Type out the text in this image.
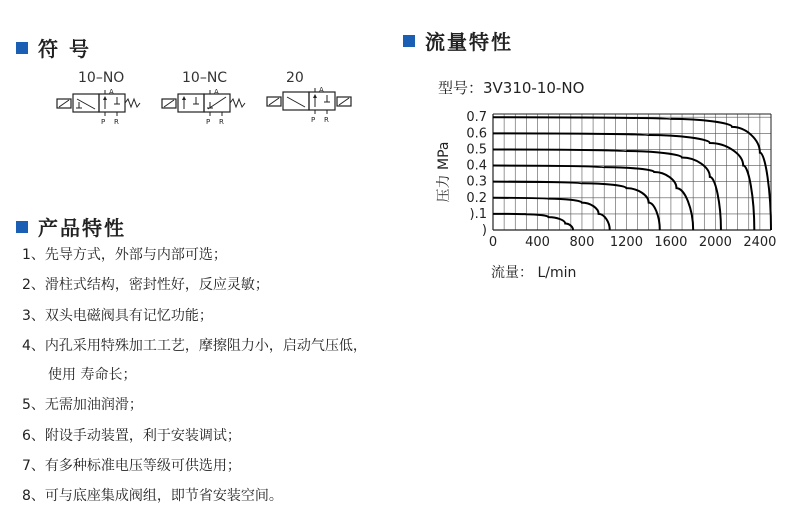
符 号
10–NO	10–NC	20
A
P R
A
P R
A
P R
产品特性
1、先导方式，外部与内部可选；
2、滑柱式结构，密封性好，反应灵敏；
3、双头电磁阀具有记忆功能；
4、内孔采用特殊加工工艺，摩擦阻力小，启动气压低，
使用 寿命长；
5、无需加油润滑；
6、附设手动装置，利于安装调试；
7、有多种标准电压等级可供选用；
8、可与底座集成阀组，即节省安装空间。
流量特性
型号：3V310-10-NO
).1
0.2
0.3
0.4
0.5
0.6
0.7
)
0 400 800 1200 1600 2000 2400
压力 MPa
流量： L/min
